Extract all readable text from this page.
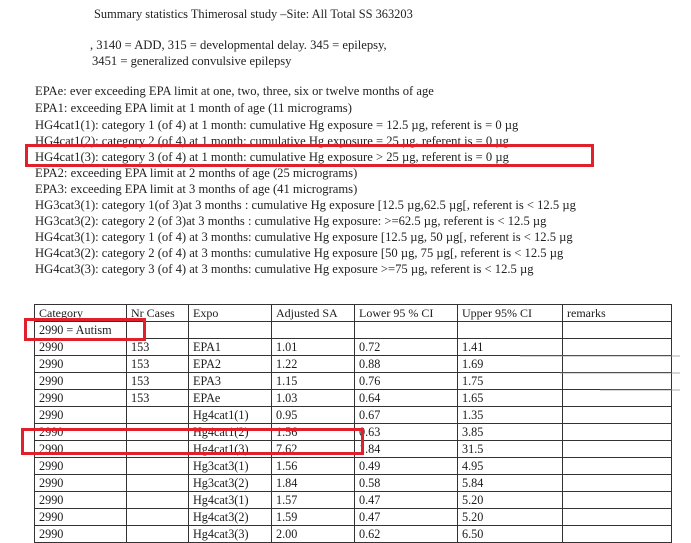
Summary statistics Thimerosal study –Site: All Total SS 363203
, 3140 = ADD, 315 = developmental delay. 345 = epilepsy,
3451 = generalized convulsive epilepsy
EPAe: ever exceeding EPA limit at one, two, three, six or twelve months of age
EPA1: exceeding EPA limit at 1 month of age (11 micrograms)
HG4cat1(1): category 1 (of 4) at 1 month: cumulative Hg exposure = 12.5 µg, referent is = 0 µg
HG4cat1(2): category 2 (of 4) at 1 month: cumulative Hg exposure = 25 µg, referent is = 0 µg
HG4cat1(3): category 3 (of 4) at 1 month: cumulative Hg exposure > 25 µg, referent is = 0 µg
EPA2: exceeding EPA limit at 2 months of age (25 micrograms)
EPA3: exceeding EPA limit at 3 months of age (41 micrograms)
HG3cat3(1): category 1(of 3)at 3 months : cumulative Hg exposure [12.5 µg,62.5 µg[, referent is < 12.5 µg
HG3cat3(2): category 2 (of 3)at 3 months : cumulative Hg exposure: >=62.5 µg, referent is < 12.5 µg
HG4cat3(1): category 1 (of 4) at 3 months: cumulative Hg exposure [12.5 µg, 50 µg[, referent is < 12.5 µg
HG4cat3(2): category 2 (of 4) at 3 months: cumulative Hg exposure [50 µg, 75 µg[, referent is < 12.5 µg
HG4cat3(3): category 3 (of 4) at 3 months: cumulative Hg exposure >=75 µg, referent is < 12.5 µg
Category	Nr Cases	Expo	Adjusted SA	Lower 95 % CI	Upper 95% CI	remarks
2990 = Autism						
2990	153	EPA1	1.01	0.72	1.41	
2990	153	EPA2	1.22	0.88	1.69	
2990	153	EPA3	1.15	0.76	1.75	
2990	153	EPAe	1.03	0.64	1.65	
2990		Hg4cat1(1)	0.95	0.67	1.35	
2990		Hg4cat1(2)	1.56	0.63	3.85	
2990		Hg4cat1(3)	7.62	1.84	31.5	
2990		Hg3cat3(1)	1.56	0.49	4.95	
2990		Hg3cat3(2)	1.84	0.58	5.84	
2990		Hg4cat3(1)	1.57	0.47	5.20	
2990		Hg4cat3(2)	1.59	0.47	5.20	
2990		Hg4cat3(3)	2.00	0.62	6.50	
